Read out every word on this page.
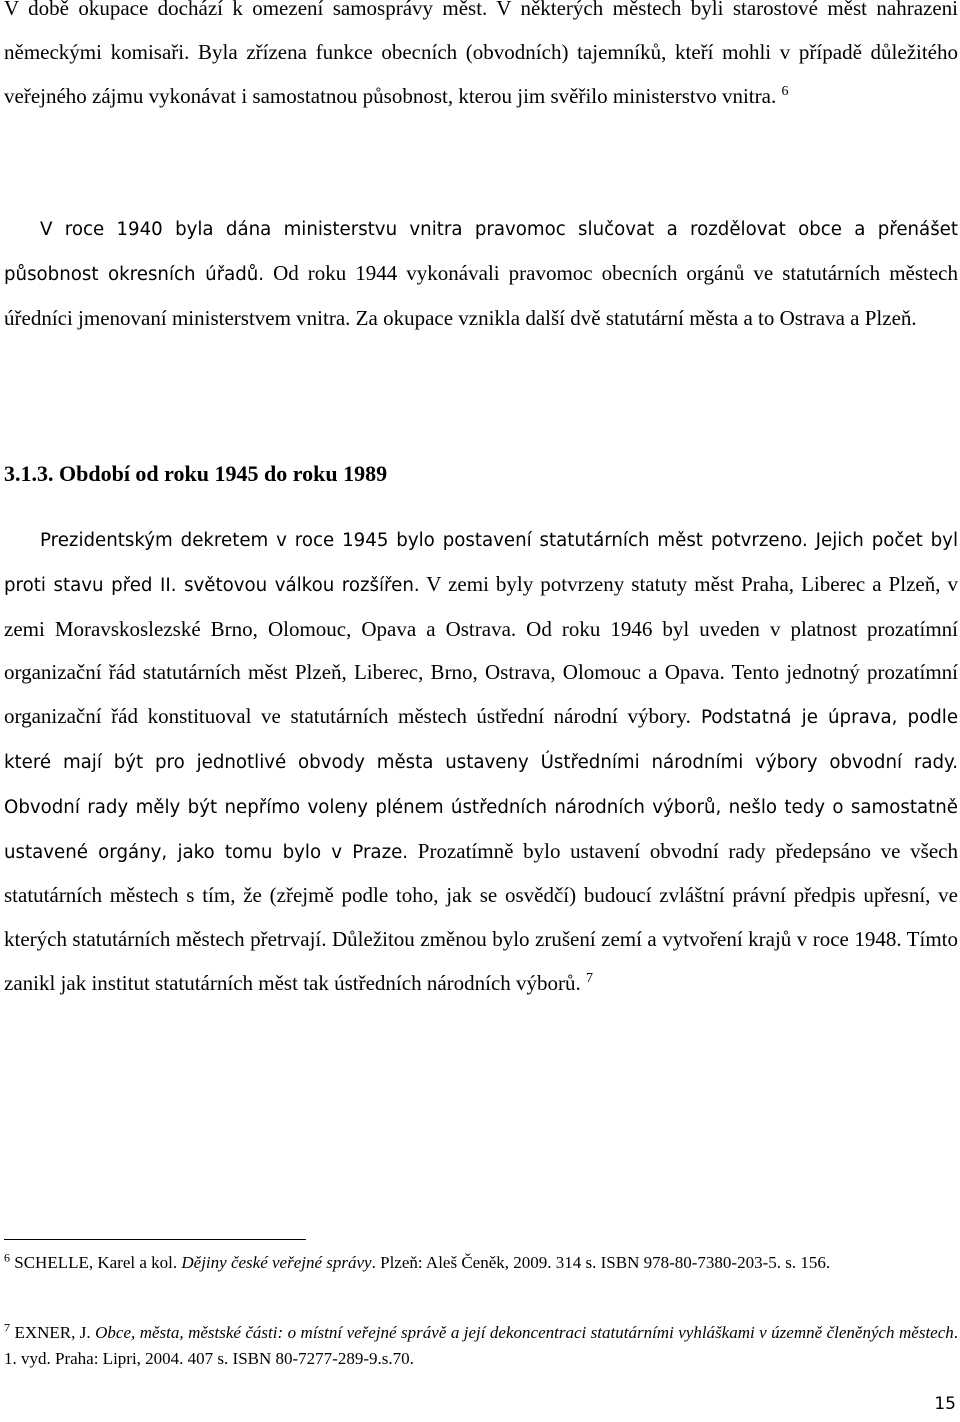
V době okupace dochází k omezení samosprávy měst. V některých městech byli starostové měst nahrazeni německými komisaři. Byla zřízena funkce obecních (obvodních) tajemníků, kteří mohli v případě důležitého veřejného zájmu vykonávat i samostatnou působnost, kterou jim svěřilo ministerstvo vnitra. $^6$

V roce 1940 byla dána ministerstvu vnitra pravomoc slučovat a rozdělovat obce a přenášet působnost okresních úřadů. Od roku 1944 vykonávali pravomoc obecních orgánů ve statutárních městech úředníci jmenovaní ministerstvem vnitra. Za okupace vznikla další dvě statutární města a to Ostrava a Plzeň.

3.1.3. Období od roku 1945 do roku 1989

Prezidentským dekretem v roce 1945 bylo postavení statutárních měst potvrzeno. Jejich počet byl proti stavu před II. světovou válkou rozšířen. V zemi byly potvrzeny statuty měst Praha, Liberec a Plzeň, v zemi Moravskoslezské Brno, Olomouc, Opava a Ostrava. Od roku 1946 byl uveden v platnost prozatímní organizační řád statutárních měst Plzeň, Liberec, Brno, Ostrava, Olomouc a Opava. Tento jednotný prozatímní organizační řád konstituoval ve statutárních městech ústřední národní výbory. Podstatná je úprava, podle které mají být pro jednotlivé obvody města ustaveny Ústředními národními výbory obvodní rady. Obvodní rady měly být nepřímo voleny plénem ústředních národních výborů, nešlo tedy o samostatně ustavené orgány, jako tomu bylo v Praze. Prozatímně bylo ustavení obvodní rady předepsáno ve všech statutárních městech s tím, že (zřejmě podle toho, jak se osvědčí) budoucí zvláštní právní předpis upřesní, ve kterých statutárních městech přetrvají. Důležitou změnou bylo zrušení zemí a vytvoření krajů v roce 1948. Tímto zanikl jak institut statutárních měst tak ústředních národních výborů. $^7$

$^6$ SCHELLE, Karel a kol. Dějiny české veřejné správy. Plzeň: Aleš Čeněk, 2009. 314 s. ISBN 978-80-7380-203-5. s. 156.

$^7$ EXNER, J. Obce, města, městské části: o místní veřejné správě a její dekoncentraci statutárními vyhláškami v územně členěných městech. 1. vyd. Praha: Lipri, 2004. 407 s. ISBN 80-7277-289-9.s.70.

15
